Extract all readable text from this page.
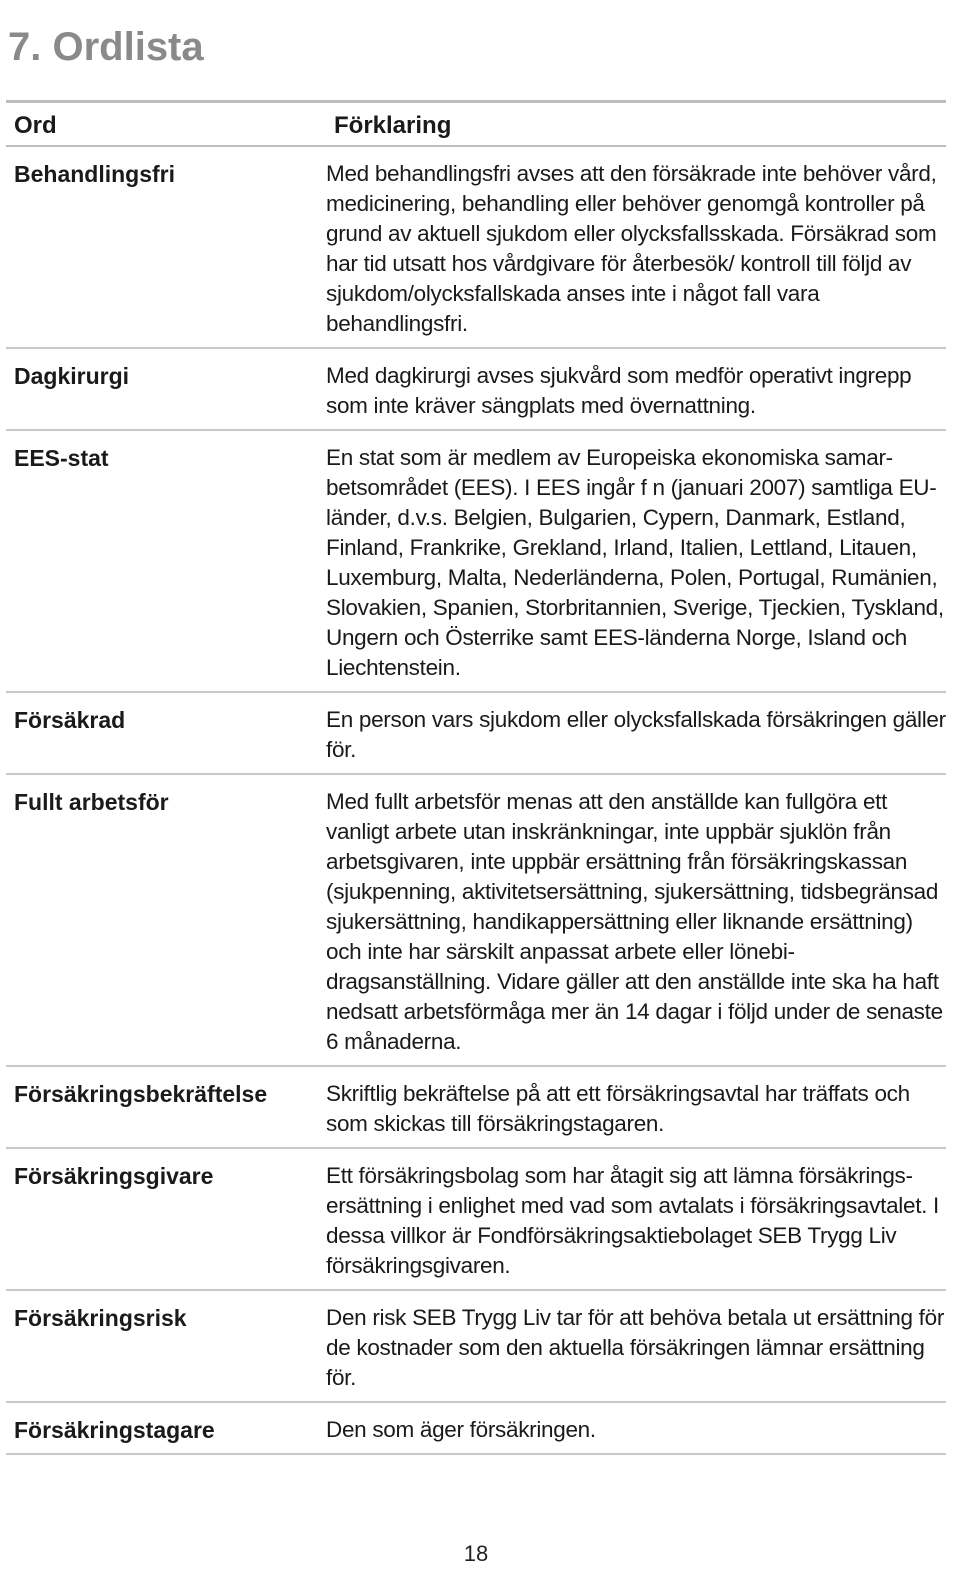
7. Ordlista
Ord	Förklaring
Behandlingsfri	Med behandlingsfri avses att den försäkrade inte behöver vård, medicinering, behandling eller behöver genomgå kontroller på grund av aktuell sjukdom eller olycksfallsskada. Försäkrad som har tid utsatt hos vårdgivare för återbesök/ kontroll till följd av sjukdom/olycksfallskada anses inte i något fall vara behandlingsfri.
Dagkirurgi	Med dagkirurgi avses sjukvård som medför operativt ingrepp som inte kräver sängplats med övernattning.
EES-stat	En stat som är medlem av Europeiska ekonomiska samarbetsområdet (EES). I EES ingår f n (januari 2007) samtliga EU-länder, d.v.s. Belgien, Bulgarien, Cypern, Danmark, Estland, Finland, Frankrike, Grekland, Irland, Italien, Lettland, Litauen, Luxemburg, Malta, Nederländerna, Polen, Portugal, Rumänien, Slovakien, Spanien, Storbritannien, Sverige, Tjeckien, Tyskland, Ungern och Österrike samt EES-länderna Norge, Island och Liechtenstein.
Försäkrad	En person vars sjukdom eller olycksfallskada försäkringen gäller för.
Fullt arbetsför	Med fullt arbetsför menas att den anställde kan fullgöra ett vanligt arbete utan inskränkningar, inte uppbär sjuklön från arbetsgivaren, inte uppbär ersättning från försäkringskassan (sjukpenning, aktivitetsersättning, sjukersättning, tidsbegränsad sjukersättning, handikappersättning eller liknande ersättning) och inte har särskilt anpassat arbete eller lönebidragsanställning. Vidare gäller att den anställde inte ska ha haft nedsatt arbetsförmåga mer än 14 dagar i följd under de senaste 6 månaderna.
Försäkringsbekräftelse	Skriftlig bekräftelse på att ett försäkringsavtal har träffats och som skickas till försäkringstagaren.
Försäkringsgivare	Ett försäkringsbolag som har åtagit sig att lämna försäkringsersättning i enlighet med vad som avtalats i försäkringsavtalet. I dessa villkor är Fondförsäkringsaktiebolaget SEB Trygg Liv försäkringsgivaren.
Försäkringsrisk	Den risk SEB Trygg Liv tar för att behöva betala ut ersättning för de kostnader som den aktuella försäkringen lämnar ersättning för.
Försäkringstagare	Den som äger försäkringen.
18
